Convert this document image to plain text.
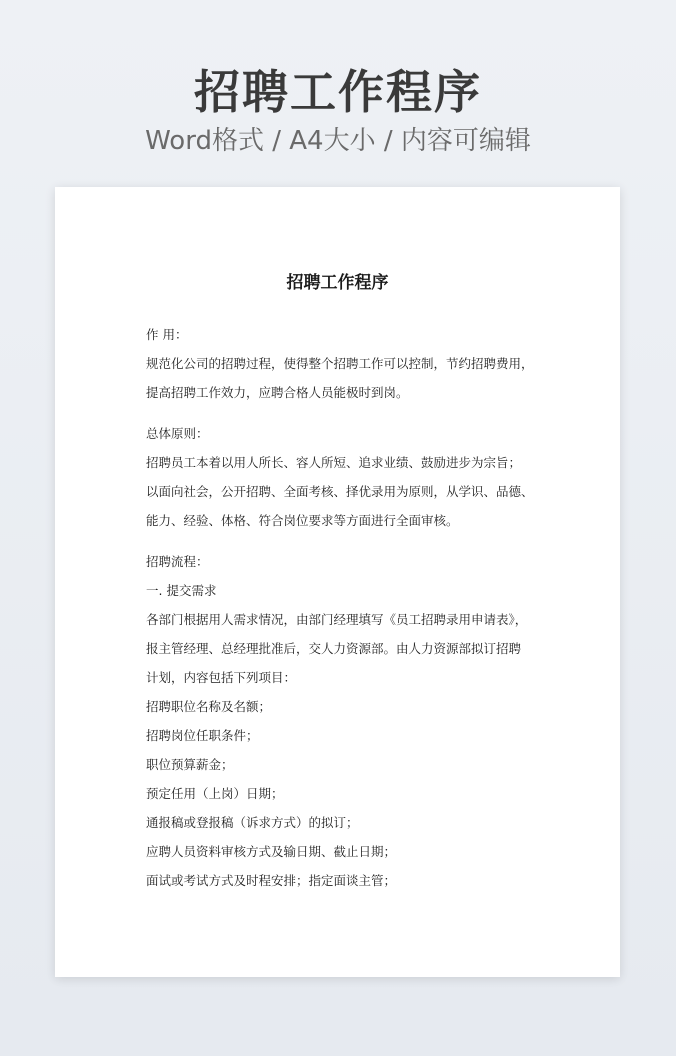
招聘工作程序
Word格式 / A4大小 / 内容可编辑
招聘工作程序
作 用：
规范化公司的招聘过程，使得整个招聘工作可以控制，节约招聘费用，
提高招聘工作效力，应聘合格人员能极时到岗。
总体原则：
招聘员工本着以用人所长、容人所短、追求业绩、鼓励进步为宗旨；
以面向社会，公开招聘、全面考核、择优录用为原则，从学识、品德、
能力、经验、体格、符合岗位要求等方面进行全面审核。
招聘流程：
一. 提交需求
各部门根据用人需求情况，由部门经理填写《员工招聘录用申请表》，
报主管经理、总经理批准后，交人力资源部。由人力资源部拟订招聘
计划，内容包括下列项目：
招聘职位名称及名额；
招聘岗位任职条件；
职位预算薪金；
预定任用（上岗）日期；
通报稿或登报稿（诉求方式）的拟订；
应聘人员资料审核方式及输日期、截止日期；
面试或考试方式及时程安排；指定面谈主管；
